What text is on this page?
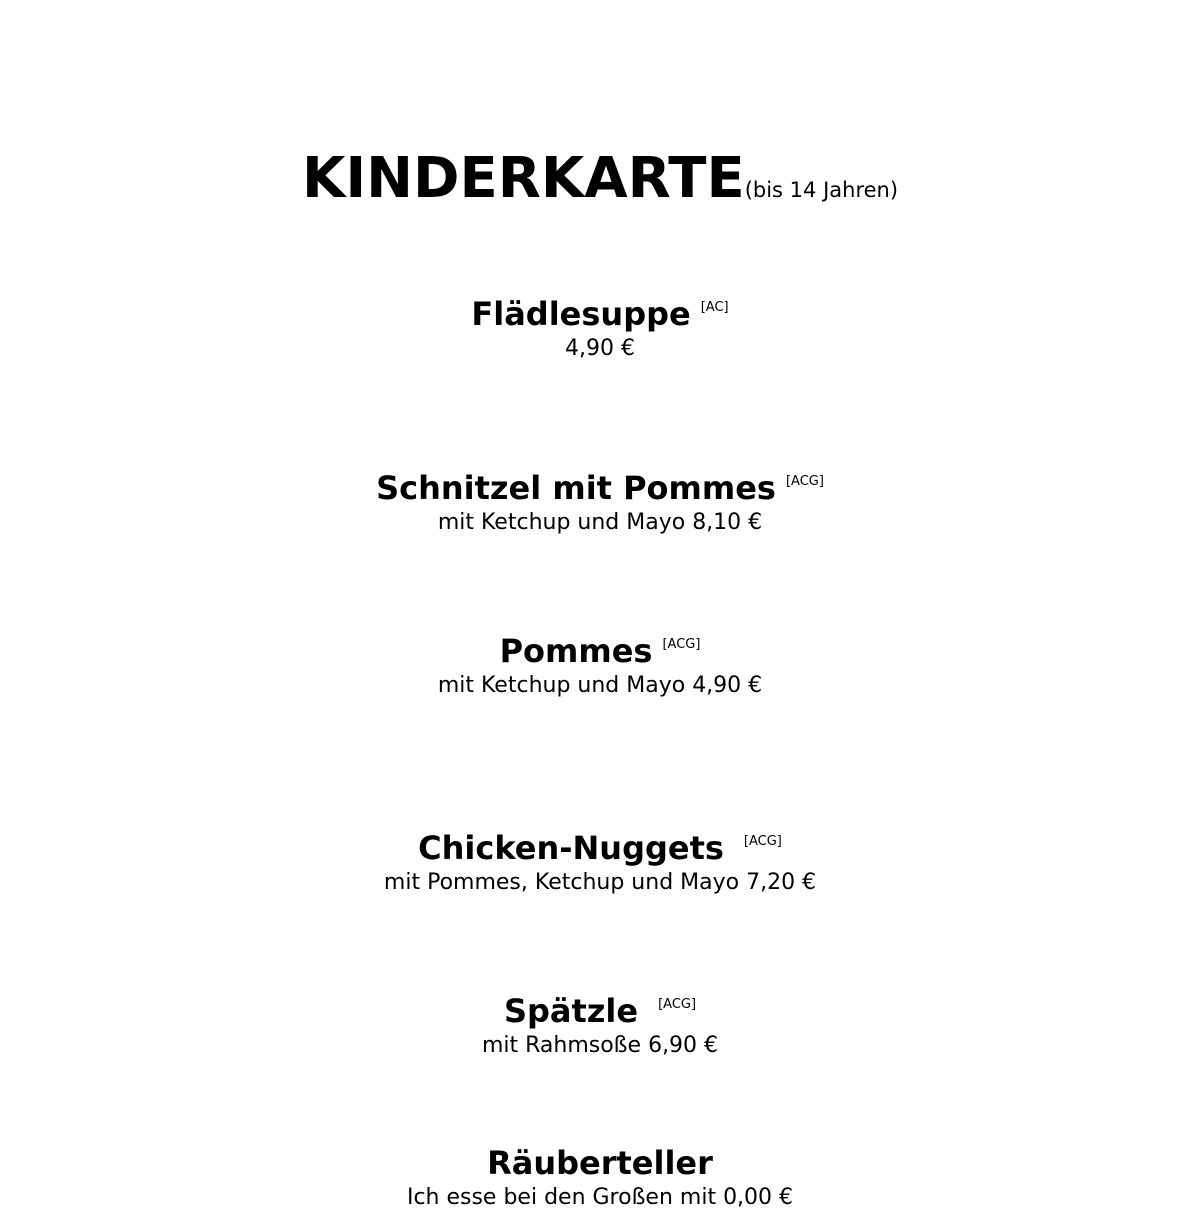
KINDERKARTE(bis 14 Jahren)
Flädlesuppe [AC]
4,90 €
Schnitzel mit Pommes [ACG]
mit Ketchup und Mayo 8,10 €
Pommes [ACG]
mit Ketchup und Mayo 4,90 €
Chicken-Nuggets [ACG]
mit Pommes, Ketchup und Mayo 7,20 €
Spätzle [ACG]
mit Rahmsoße 6,90 €
Räuberteller
Ich esse bei den Großen mit 0,00 €
